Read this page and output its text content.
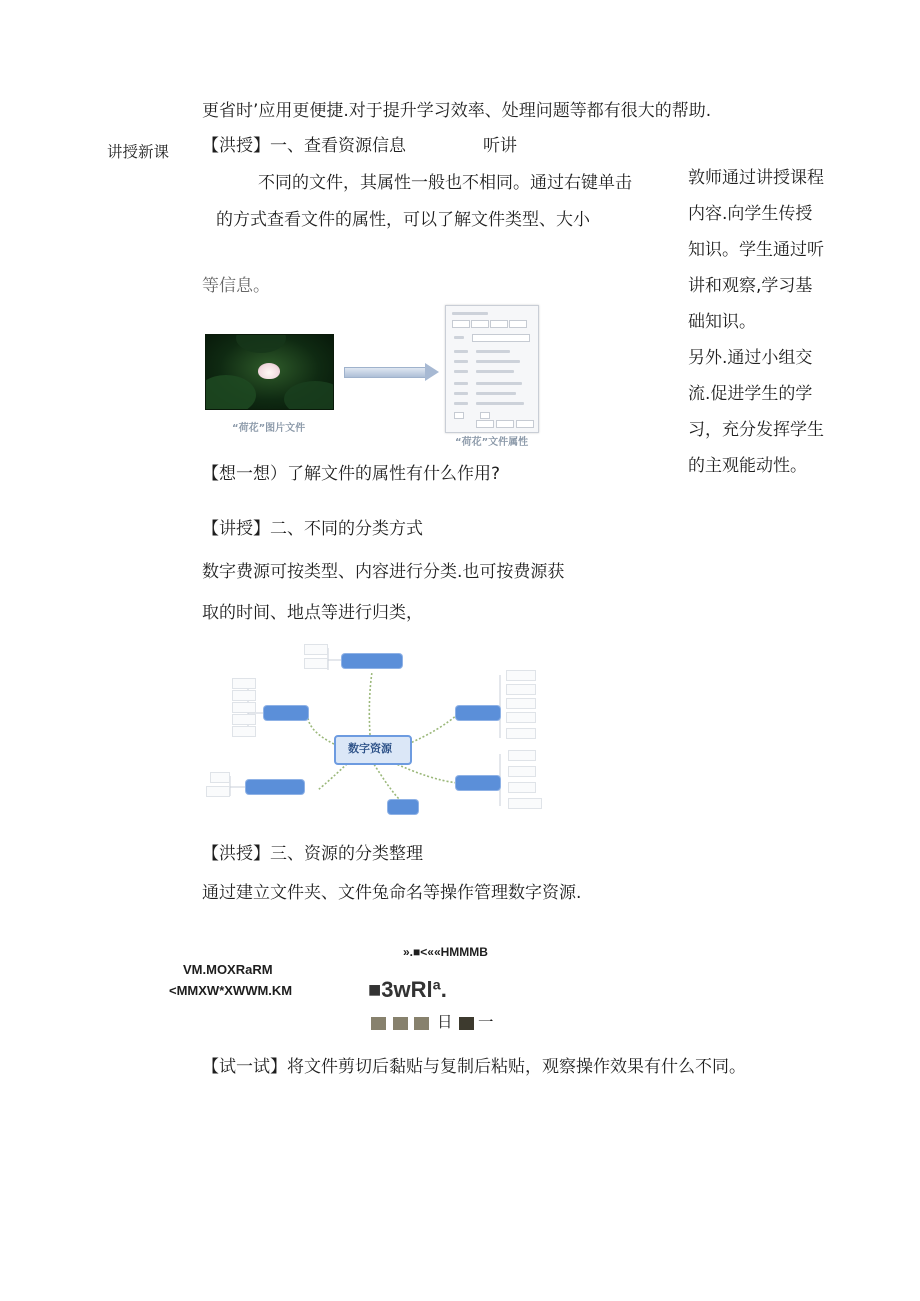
更省时’应用更便捷.对于提升学习效率、处理问题等都有很大的帮助.
讲授新课 【洪授】一、查看资源信息	听讲
不同的文件，其属性一般也不相同。通过右键单击
的方式查看文件的属性，可以了解文件类型、大小
等信息。
敦师通过讲授课程
内容.向学生传授
知识。学生通过听
讲和观察,学习基
础知识。
另外.通过小组交
流.促进学生的学
习，充分发挥学生
的主观能动性。
“荷花”图片文件
“荷花”文件属性
【想一想）了解文件的属性有什么作用?
【讲授】二、不同的分类方式
数字费源可按类型、内容进行分类.也可按费源获
取的时间、地点等进行归类，
数字资源
【洪授】三、资源的分类整理
通过建立文件夹、文件兔命名等操作管理数字资源.
VM.MOXRaRM
<MMXW*XWWM.KM
».■<««HMMMB
■3wRlª.
日 一
【试一试】将文件剪切后黏贴与复制后粘贴，观察操作效果有什么不同。
